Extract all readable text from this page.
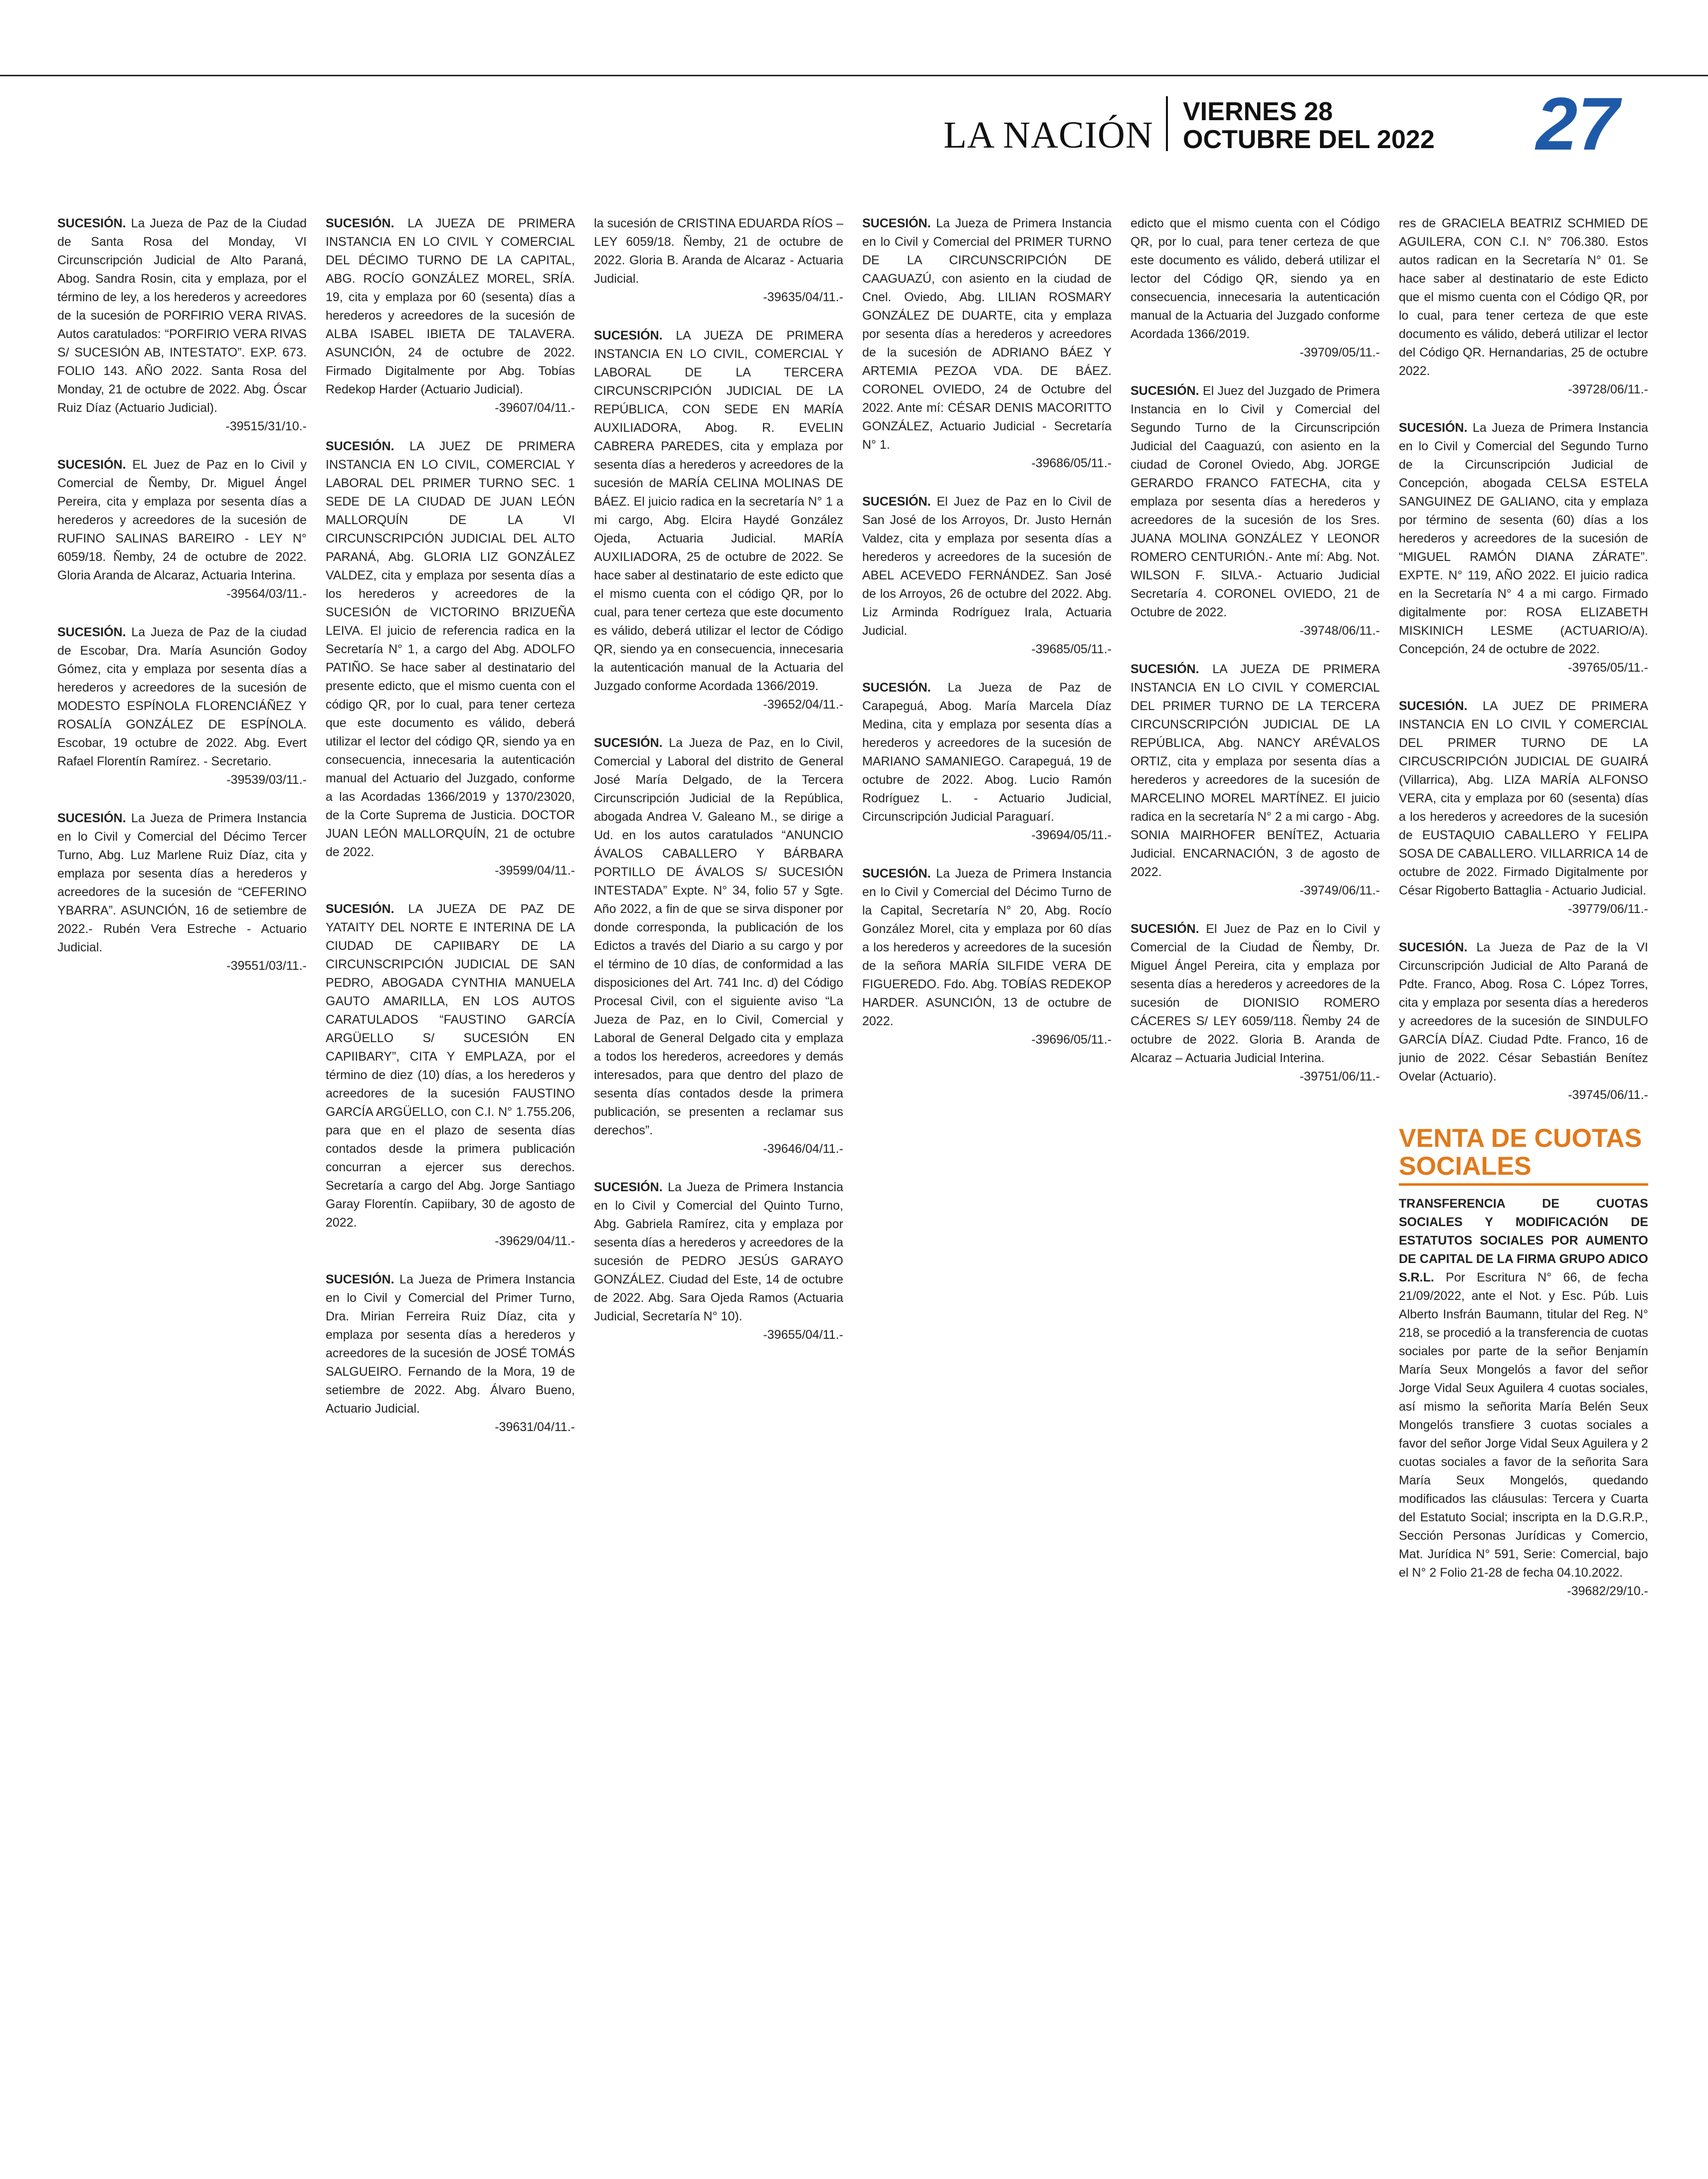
LA NACIÓN
VIERNES 28
OCTUBRE DEL 2022 27

SUCESIÓN. La Jueza de Paz de la Ciudad de Santa Rosa del Monday, VI Circunscripción Judicial de Alto Paraná, Abog. Sandra Rosin, cita y emplaza, por el término de ley, a los herederos y acreedores de la sucesión de PORFIRIO VERA RIVAS. Autos caratulados: “PORFIRIO VERA RIVAS S/ SUCESIÓN AB, INTESTATO”. EXP. 673. FOLIO 143. AÑO 2022. Santa Rosa del Monday, 21 de octubre de 2022. Abg. Óscar Ruiz Díaz (Actuario Judicial).
-39515/31/10.-

SUCESIÓN. EL Juez de Paz en lo Civil y Comercial de Ñemby, Dr. Miguel Ángel Pereira, cita y emplaza por sesenta días a herederos y acreedores de la sucesión de RUFINO SALINAS BAREIRO - LEY N° 6059/18. Ñemby, 24 de octubre de 2022. Gloria Aranda de Alcaraz, Actuaria Interina.
-39564/03/11.-

SUCESIÓN. La Jueza de Paz de la ciudad de Escobar, Dra. María Asunción Godoy Gómez, cita y emplaza por sesenta días a herederos y acreedores de la sucesión de MODESTO ESPÍNOLA FLORENCIÁÑEZ Y ROSALÍA GONZÁLEZ DE ESPÍNOLA. Escobar, 19 octubre de 2022. Abg. Evert Rafael Florentín Ramírez. - Secretario.
-39539/03/11.-

SUCESIÓN. La Jueza de Primera Instancia en lo Civil y Comercial del Décimo Tercer Turno, Abg. Luz Marlene Ruiz Díaz, cita y emplaza por sesenta días a herederos y acreedores de la sucesión de “CEFERINO YBARRA”. ASUNCIÓN, 16 de setiembre de 2022.- Rubén Vera Estreche - Actuario Judicial.
-39551/03/11.-

SUCESIÓN. LA JUEZA DE PRIMERA INSTANCIA EN LO CIVIL Y COMERCIAL DEL DÉCIMO TURNO DE LA CAPITAL, ABG. ROCÍO GONZÁLEZ MOREL, SRÍA. 19, cita y emplaza por 60 (sesenta) días a herederos y acreedores de la sucesión de ALBA ISABEL IBIETA DE TALAVERA. ASUNCIÓN, 24 de octubre de 2022. Firmado Digitalmente por Abg. Tobías Redekop Harder (Actuario Judicial).
-39607/04/11.-

SUCESIÓN. LA JUEZ DE PRIMERA INSTANCIA EN LO CIVIL, COMERCIAL Y LABORAL DEL PRIMER TURNO SEC. 1 SEDE DE LA CIUDAD DE JUAN LEÓN MALLORQUÍN DE LA VI CIRCUNSCRIPCIÓN JUDICIAL DEL ALTO PARANÁ, Abg. GLORIA LIZ GONZÁLEZ VALDEZ, cita y emplaza por sesenta días a los herederos y acreedores de la SUCESIÓN de VICTORINO BRIZUEÑA LEIVA. El juicio de referencia radica en la Secretaría N° 1, a cargo del Abg. ADOLFO PATIÑO. Se hace saber al destinatario del presente edicto, que el mismo cuenta con el código QR, por lo cual, para tener certeza que este documento es válido, deberá utilizar el lector del código QR, siendo ya en consecuencia, innecesaria la autenticación manual del Actuario del Juzgado, conforme a las Acordadas 1366/2019 y 1370/23020, de la Corte Suprema de Justicia. DOCTOR JUAN LEÓN MALLORQUÍN, 21 de octubre de 2022.
-39599/04/11.-

SUCESIÓN. LA JUEZA DE PAZ DE YATAITY DEL NORTE E INTERINA DE LA CIUDAD DE CAPIIBARY DE LA CIRCUNSCRIPCIÓN JUDICIAL DE SAN PEDRO, ABOGADA CYNTHIA MANUELA GAUTO AMARILLA, EN LOS AUTOS CARATULADOS “FAUSTINO GARCÍA ARGÜELLO S/ SUCESIÓN EN CAPIIBARY”, CITA Y EMPLAZA, por el término de diez (10) días, a los herederos y acreedores de la sucesión FAUSTINO GARCÍA ARGÜELLO, con C.I. N° 1.755.206, para que en el plazo de sesenta días contados desde la primera publicación concurran a ejercer sus derechos. Secretaría a cargo del Abg. Jorge Santiago Garay Florentín. Capiibary, 30 de agosto de 2022.
-39629/04/11.-

SUCESIÓN. La Jueza de Primera Instancia en lo Civil y Comercial del Primer Turno, Dra. Mirian Ferreira Ruiz Díaz, cita y emplaza por sesenta días a herederos y acreedores de la sucesión de JOSÉ TOMÁS SALGUEIRO. Fernando de la Mora, 19 de setiembre de 2022. Abg. Álvaro Bueno, Actuario Judicial.
-39631/04/11.-

la sucesión de CRISTINA EDUARDA RÍOS – LEY 6059/18. Ñemby, 21 de octubre de 2022. Gloria B. Aranda de Alcaraz - Actuaria Judicial.
-39635/04/11.-

SUCESIÓN. LA JUEZA DE PRIMERA INSTANCIA EN LO CIVIL, COMERCIAL Y LABORAL DE LA TERCERA CIRCUNSCRIPCIÓN JUDICIAL DE LA REPÚBLICA, CON SEDE EN MARÍA AUXILIADORA, Abog. R. EVELIN CABRERA PAREDES, cita y emplaza por sesenta días a herederos y acreedores de la sucesión de MARÍA CELINA MOLINAS DE BÁEZ. El juicio radica en la secretaría N° 1 a mi cargo, Abg. Elcira Haydé González Ojeda, Actuaria Judicial. MARÍA AUXILIADORA, 25 de octubre de 2022. Se hace saber al destinatario de este edicto que el mismo cuenta con el código QR, por lo cual, para tener certeza que este documento es válido, deberá utilizar el lector de Código QR, siendo ya en consecuencia, innecesaria la autenticación manual de la Actuaria del Juzgado conforme Acordada 1366/2019.
-39652/04/11.-

SUCESIÓN. La Jueza de Paz, en lo Civil, Comercial y Laboral del distrito de General José María Delgado, de la Tercera Circunscripción Judicial de la República, abogada Andrea V. Galeano M., se dirige a Ud. en los autos caratulados “ANUNCIO ÁVALOS CABALLERO Y BÁRBARA PORTILLO DE ÁVALOS S/ SUCESIÓN INTESTADA” Expte. N° 34, folio 57 y Sgte. Año 2022, a fin de que se sirva disponer por donde corresponda, la publicación de los Edictos a través del Diario a su cargo y por el término de 10 días, de conformidad a las disposiciones del Art. 741 Inc. d) del Código Procesal Civil, con el siguiente aviso “La Jueza de Paz, en lo Civil, Comercial y Laboral de General Delgado cita y emplaza a todos los herederos, acreedores y demás interesados, para que dentro del plazo de sesenta días contados desde la primera publicación, se presenten a reclamar sus derechos”.
-39646/04/11.-

SUCESIÓN. La Jueza de Primera Instancia en lo Civil y Comercial del Quinto Turno, Abg. Gabriela Ramírez, cita y emplaza por sesenta días a herederos y acreedores de la sucesión de PEDRO JESÚS GARAYO GONZÁLEZ. Ciudad del Este, 14 de octubre de 2022. Abg. Sara Ojeda Ramos (Actuaria Judicial, Secretaría N° 10).
-39655/04/11.-

SUCESIÓN. La Jueza de Primera Instancia en lo Civil y Comercial del PRIMER TURNO DE LA CIRCUNSCRIPCIÓN DE CAAGUAZÚ, con asiento en la ciudad de Cnel. Oviedo, Abg. LILIAN ROSMARY GONZÁLEZ DE DUARTE, cita y emplaza por sesenta días a herederos y acreedores de la sucesión de ADRIANO BÁEZ Y ARTEMIA PEZOA VDA. DE BÁEZ. CORONEL OVIEDO, 24 de Octubre del 2022. Ante mí: CÉSAR DENIS MACORITTO GONZÁLEZ, Actuario Judicial - Secretaría N° 1.
-39686/05/11.-

SUCESIÓN. El Juez de Paz en lo Civil de San José de los Arroyos, Dr. Justo Hernán Valdez, cita y emplaza por sesenta días a herederos y acreedores de la sucesión de ABEL ACEVEDO FERNÁNDEZ. San José de los Arroyos, 26 de octubre del 2022. Abg. Liz Arminda Rodríguez Irala, Actuaria Judicial.
-39685/05/11.-

SUCESIÓN. La Jueza de Paz de Carapeguá, Abog. María Marcela Díaz Medina, cita y emplaza por sesenta días a herederos y acreedores de la sucesión de MARIANO SAMANIEGO. Carapeguá, 19 de octubre de 2022. Abog. Lucio Ramón Rodríguez L. - Actuario Judicial, Circunscripción Judicial Paraguarí.
-39694/05/11.-

SUCESIÓN. La Jueza de Primera Instancia en lo Civil y Comercial del Décimo Turno de la Capital, Secretaría N° 20, Abg. Rocío González Morel, cita y emplaza por 60 días a los herederos y acreedores de la sucesión de la señora MARÍA SILFIDE VERA DE FIGUEREDO. Fdo. Abg. TOBÍAS REDEKOP HARDER. ASUNCIÓN, 13 de octubre de 2022.
-39696/05/11.-

edicto que el mismo cuenta con el Código QR, por lo cual, para tener certeza de que este documento es válido, deberá utilizar el lector del Código QR, siendo ya en consecuencia, innecesaria la autenticación manual de la Actuaria del Juzgado conforme Acordada 1366/2019.
-39709/05/11.-

SUCESIÓN. El Juez del Juzgado de Primera Instancia en lo Civil y Comercial del Segundo Turno de la Circunscripción Judicial del Caaguazú, con asiento en la ciudad de Coronel Oviedo, Abg. JORGE GERARDO FRANCO FATECHA, cita y emplaza por sesenta días a herederos y acreedores de la sucesión de los Sres. JUANA MOLINA GONZÁLEZ Y LEONOR ROMERO CENTURIÓN.- Ante mí: Abg. Not. WILSON F. SILVA.- Actuario Judicial Secretaría 4. CORONEL OVIEDO, 21 de Octubre de 2022.
-39748/06/11.-

SUCESIÓN. LA JUEZA DE PRIMERA INSTANCIA EN LO CIVIL Y COMERCIAL DEL PRIMER TURNO DE LA TERCERA CIRCUNSCRIPCIÓN JUDICIAL DE LA REPÚBLICA, Abg. NANCY ARÉVALOS ORTIZ, cita y emplaza por sesenta días a herederos y acreedores de la sucesión de MARCELINO MOREL MARTÍNEZ. El juicio radica en la secretaría N° 2 a mi cargo - Abg. SONIA MAIRHOFER BENÍTEZ, Actuaria Judicial. ENCARNACIÓN, 3 de agosto de 2022.
-39749/06/11.-

SUCESIÓN. El Juez de Paz en lo Civil y Comercial de la Ciudad de Ñemby, Dr. Miguel Ángel Pereira, cita y emplaza por sesenta días a herederos y acreedores de la sucesión de DIONISIO ROMERO CÁCERES S/ LEY 6059/118. Ñemby 24 de octubre de 2022. Gloria B. Aranda de Alcaraz – Actuaria Judicial Interina.
-39751/06/11.-

res de GRACIELA BEATRIZ SCHMIED DE AGUILERA, CON C.I. N° 706.380. Estos autos radican en la Secretaría N° 01. Se hace saber al destinatario de este Edicto que el mismo cuenta con el Código QR, por lo cual, para tener certeza de que este documento es válido, deberá utilizar el lector del Código QR. Hernandarias, 25 de octubre 2022.
-39728/06/11.-

SUCESIÓN. La Jueza de Primera Instancia en lo Civil y Comercial del Segundo Turno de la Circunscripción Judicial de Concepción, abogada CELSA ESTELA SANGUINEZ DE GALIANO, cita y emplaza por término de sesenta (60) días a los herederos y acreedores de la sucesión de “MIGUEL RAMÓN DIANA ZÁRATE”. EXPTE. N° 119, AÑO 2022. El juicio radica en la Secretaría N° 4 a mi cargo. Firmado digitalmente por: ROSA ELIZABETH MISKINICH LESME (ACTUARIO/A). Concepción, 24 de octubre de 2022.
-39765/05/11.-

SUCESIÓN. LA JUEZ DE PRIMERA INSTANCIA EN LO CIVIL Y COMERCIAL DEL PRIMER TURNO DE LA CIRCUSCRIPCIÓN JUDICIAL DE GUAIRÁ (Villarrica), Abg. LIZA MARÍA ALFONSO VERA, cita y emplaza por 60 (sesenta) días a los herederos y acreedores de la sucesión de EUSTAQUIO CABALLERO Y FELIPA SOSA DE CABALLERO. VILLARRICA 14 de octubre de 2022. Firmado Digitalmente por César Rigoberto Battaglia - Actuario Judicial.
-39779/06/11.-

SUCESIÓN. La Jueza de Paz de la VI Circunscripción Judicial de Alto Paraná de Pdte. Franco, Abog. Rosa C. López Torres, cita y emplaza por sesenta días a herederos y acreedores de la sucesión de SINDULFO GARCÍA DÍAZ. Ciudad Pdte. Franco, 16 de junio de 2022. César Sebastián Benítez Ovelar (Actuario).
-39745/06/11.-

VENTA DE CUOTAS SOCIALES

TRANSFERENCIA DE CUOTAS SOCIALES Y MODIFICACIÓN DE ESTATUTOS SOCIALES POR AUMENTO DE CAPITAL DE LA FIRMA GRUPO ADICO S.R.L. Por Escritura N° 66, de fecha 21/09/2022, ante el Not. y Esc. Púb. Luis Alberto Insfrán Baumann, titular del Reg. N° 218, se procedió a la transferencia de cuotas sociales por parte de la señor Benjamín María Seux Mongelós a favor del señor Jorge Vidal Seux Aguilera 4 cuotas sociales, así mismo la señorita María Belén Seux Mongelós transfiere 3 cuotas sociales a favor del señor Jorge Vidal Seux Aguilera y 2 cuotas sociales a favor de la señorita Sara María Seux Mongelós, quedando modificados las cláusulas: Tercera y Cuarta del Estatuto Social; inscripta en la D.G.R.P., Sección Personas Jurídicas y Comercio, Mat. Jurídica N° 591, Serie: Comercial, bajo el N° 2 Folio 21-28 de fecha 04.10.2022.
-39682/29/10.-
